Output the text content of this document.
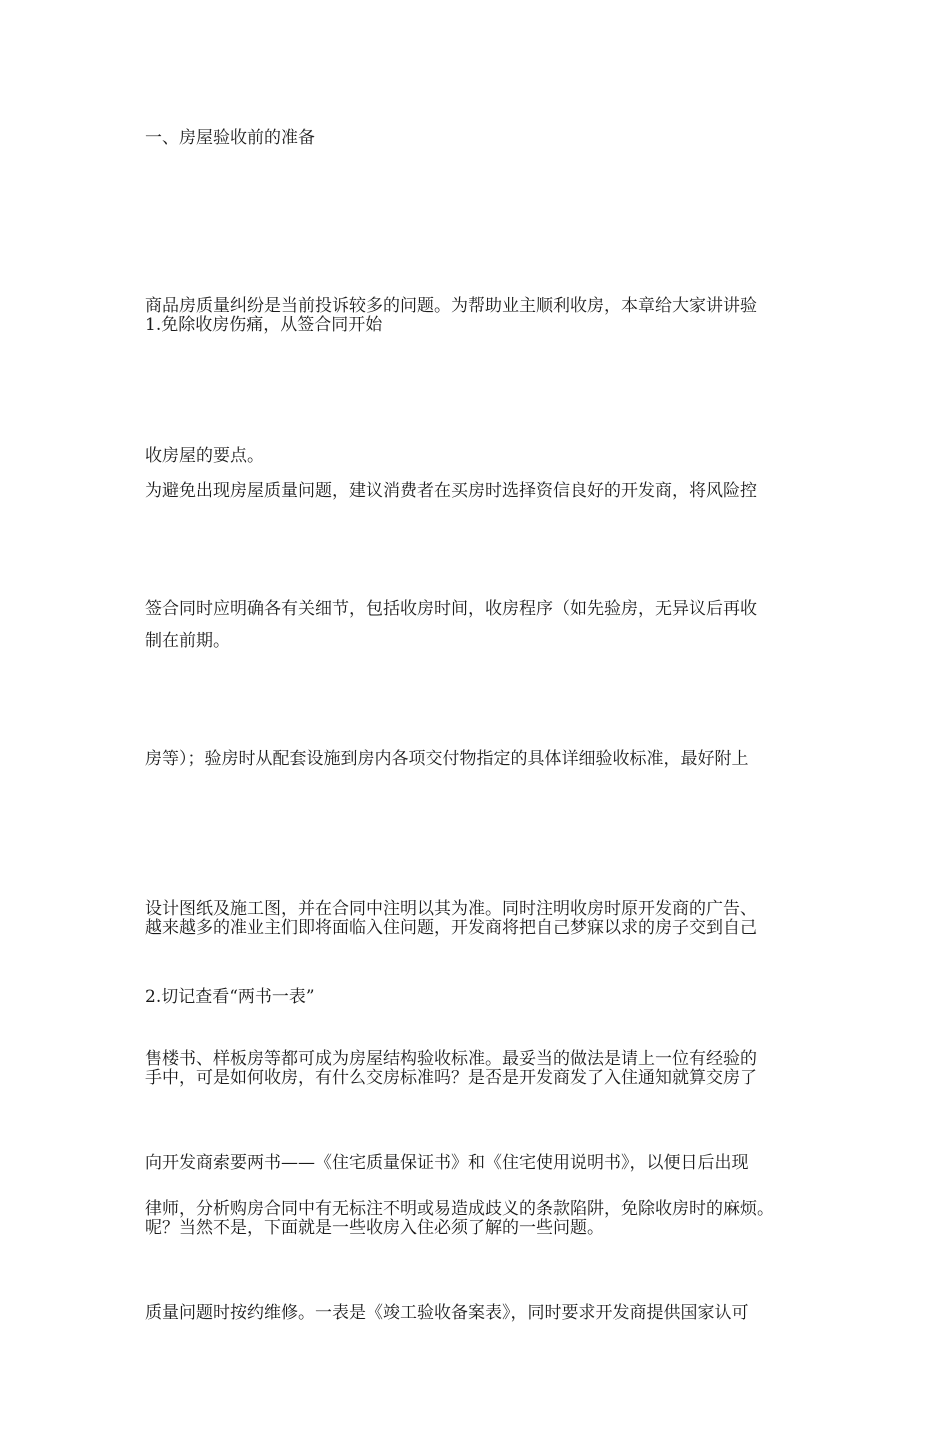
一、房屋验收前的准备

商品房质量纠纷是当前投诉较多的问题。为帮助业主顺利收房，本章给大家讲讲验

收房屋的要点。

1.免除收房伤痛，从签合同开始

为避免出现房屋质量问题，建议消费者在买房时选择资信良好的开发商，将风险控

制在前期。

签合同时应明确各有关细节，包括收房时间，收房程序（如先验房，无异议后再收

房等）；验房时从配套设施到房内各项交付物指定的具体详细验收标准，最好附上

设计图纸及施工图，并在合同中注明以其为准。同时注明收房时原开发商的广告、

售楼书、样板房等都可成为房屋结构验收标准。最妥当的做法是请上一位有经验的

律师，分析购房合同中有无标注不明或易造成歧义的条款陷阱，免除收房时的麻烦。

越来越多的准业主们即将面临入住问题，开发商将把自己梦寐以求的房子交到自己

手中，可是如何收房，有什么交房标准吗？是否是开发商发了入住通知就算交房了

呢？当然不是，下面就是一些收房入住必须了解的一些问题。

2.切记查看“两书一表”

向开发商索要两书——《住宅质量保证书》和《住宅使用说明书》，以便日后出现

质量问题时按约维修。一表是《竣工验收备案表》，同时要求开发商提供国家认可
